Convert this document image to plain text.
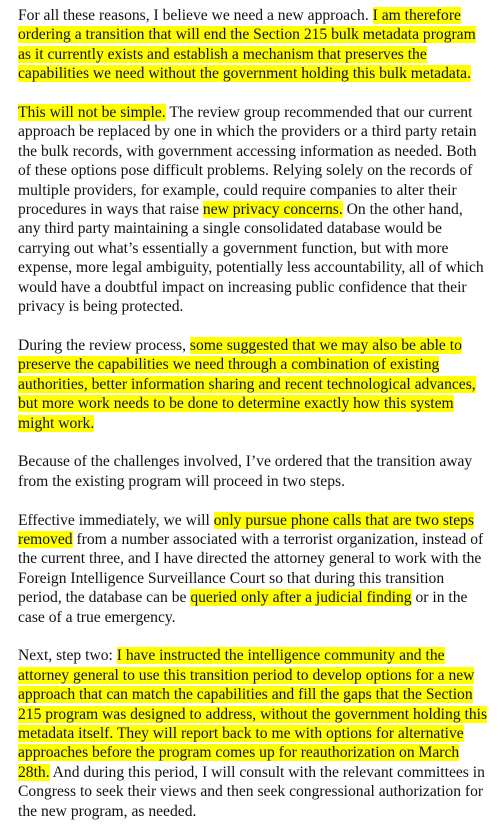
For all these reasons, I believe we need a new approach. I am therefore ordering a transition that will end the Section 215 bulk metadata program as it currently exists and establish a mechanism that preserves the capabilities we need without the government holding this bulk metadata.

This will not be simple. The review group recommended that our current approach be replaced by one in which the providers or a third party retain the bulk records, with government accessing information as needed. Both of these options pose difficult problems. Relying solely on the records of multiple providers, for example, could require companies to alter their procedures in ways that raise new privacy concerns. On the other hand, any third party maintaining a single consolidated database would be carrying out what’s essentially a government function, but with more expense, more legal ambiguity, potentially less accountability, all of which would have a doubtful impact on increasing public confidence that their privacy is being protected.

During the review process, some suggested that we may also be able to preserve the capabilities we need through a combination of existing authorities, better information sharing and recent technological advances, but more work needs to be done to determine exactly how this system might work.

Because of the challenges involved, I’ve ordered that the transition away from the existing program will proceed in two steps.

Effective immediately, we will only pursue phone calls that are two steps removed from a number associated with a terrorist organization, instead of the current three, and I have directed the attorney general to work with the Foreign Intelligence Surveillance Court so that during this transition period, the database can be queried only after a judicial finding or in the case of a true emergency.

Next, step two: I have instructed the intelligence community and the attorney general to use this transition period to develop options for a new approach that can match the capabilities and fill the gaps that the Section 215 program was designed to address, without the government holding this metadata itself. They will report back to me with options for alternative approaches before the program comes up for reauthorization on March 28th. And during this period, I will consult with the relevant committees in Congress to seek their views and then seek congressional authorization for the new program, as needed.
